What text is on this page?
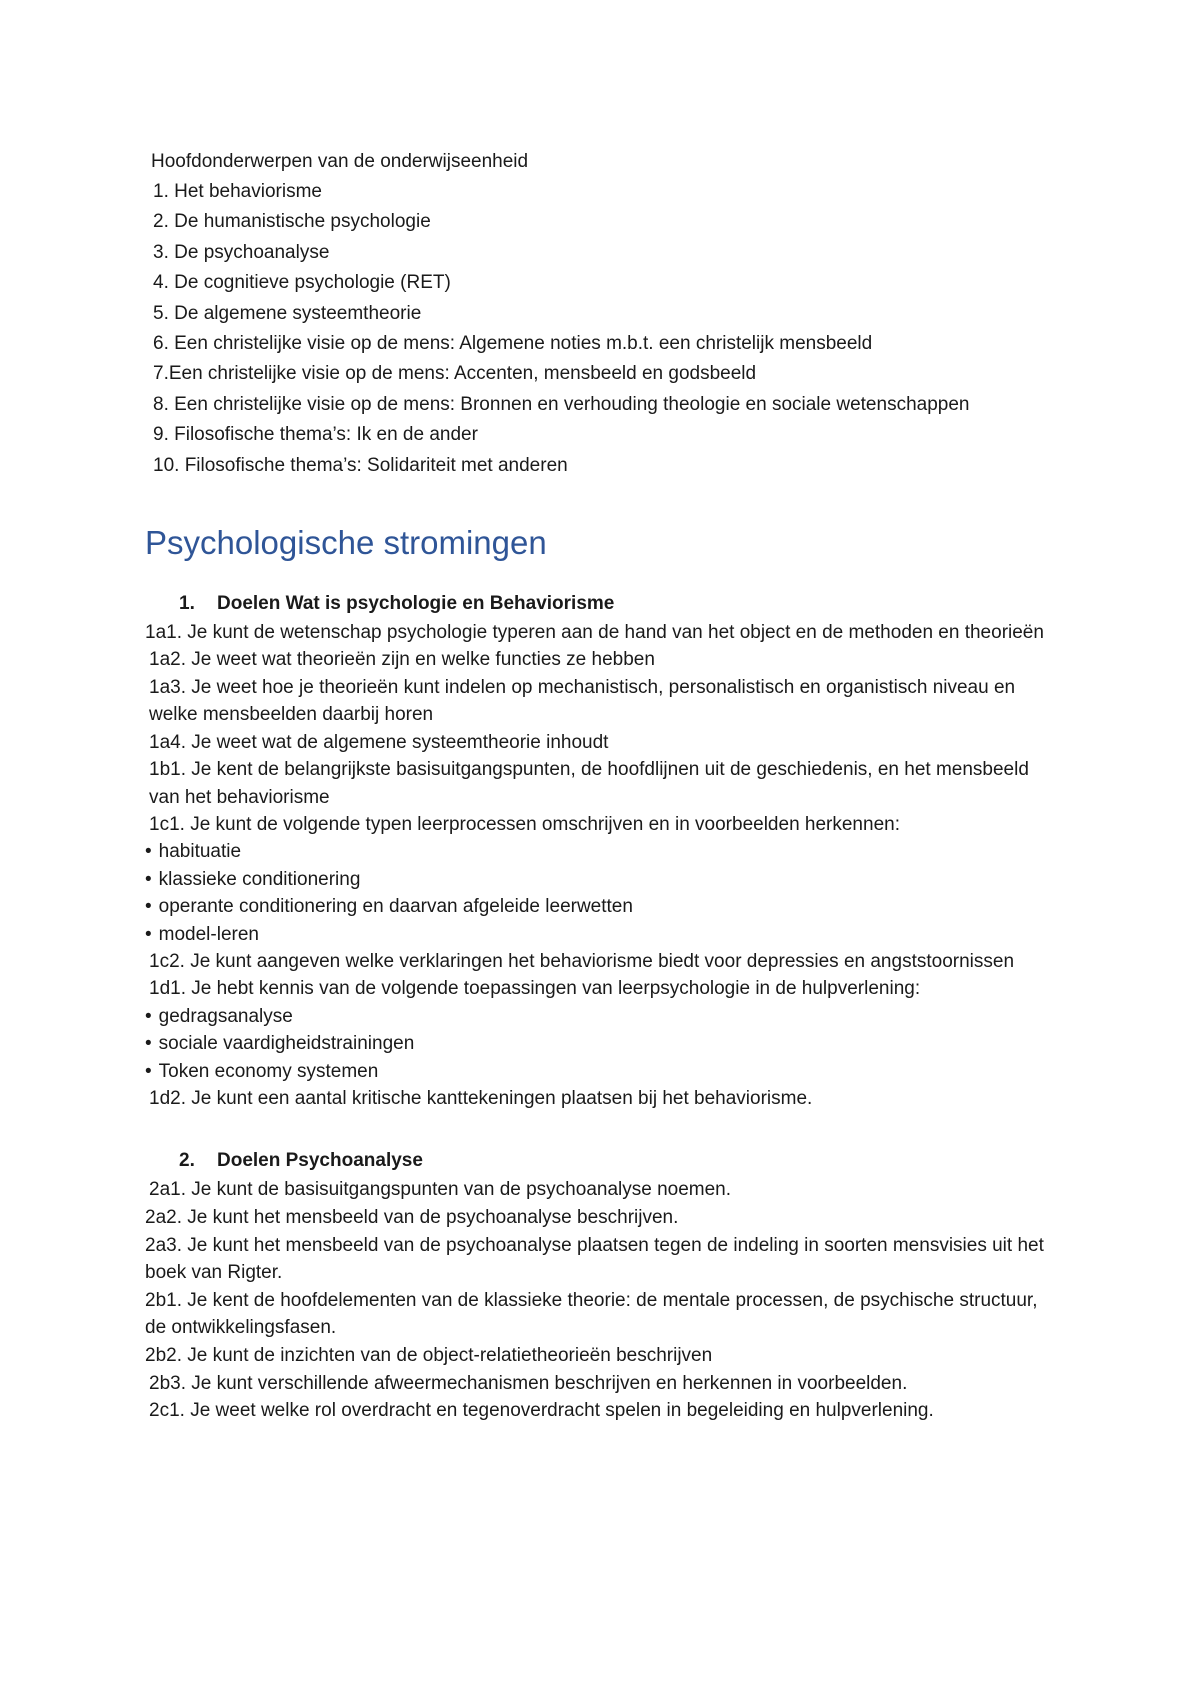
Hoofdonderwerpen van de onderwijseenheid
1. Het behaviorisme
2. De humanistische psychologie
3. De psychoanalyse
4. De cognitieve psychologie (RET)
5. De algemene systeemtheorie
6. Een christelijke visie op de mens: Algemene noties m.b.t. een christelijk mensbeeld
7.Een christelijke visie op de mens: Accenten, mensbeeld en godsbeeld
8. Een christelijke visie op de mens: Bronnen en verhouding theologie en sociale wetenschappen
9. Filosofische thema’s: Ik en de ander
10. Filosofische thema’s: Solidariteit met anderen
Psychologische stromingen
1. Doelen Wat is psychologie en Behaviorisme
1a1. Je kunt de wetenschap psychologie typeren aan de hand van het object en de methoden en theorieën
1a2. Je weet wat theorieën zijn en welke functies ze hebben
1a3. Je weet hoe je theorieën kunt indelen op mechanistisch, personalistisch en organistisch niveau en welke mensbeelden daarbij horen
1a4. Je weet wat de algemene systeemtheorie inhoudt
1b1. Je kent de belangrijkste basisuitgangspunten, de hoofdlijnen uit de geschiedenis, en het mensbeeld van het behaviorisme
1c1. Je kunt de volgende typen leerprocessen omschrijven en in voorbeelden herkennen:
• habituatie
• klassieke conditionering
• operante conditionering en daarvan afgeleide leerwetten
• model-leren
1c2. Je kunt aangeven welke verklaringen het behaviorisme biedt voor depressies en angststoornissen
1d1. Je hebt kennis van de volgende toepassingen van leerpsychologie in de hulpverlening:
• gedragsanalyse
• sociale vaardigheidstrainingen
• Token economy systemen
1d2. Je kunt een aantal kritische kanttekeningen plaatsen bij het behaviorisme.
2. Doelen Psychoanalyse
2a1. Je kunt de basisuitgangspunten van de psychoanalyse noemen.
2a2. Je kunt het mensbeeld van de psychoanalyse beschrijven.
2a3. Je kunt het mensbeeld van de psychoanalyse plaatsen tegen de indeling in soorten mensvisies uit het boek van Rigter.
2b1. Je kent de hoofdelementen van de klassieke theorie: de mentale processen, de psychische structuur, de ontwikkelingsfasen.
2b2. Je kunt de inzichten van de object-relatietheorieën beschrijven
2b3. Je kunt verschillende afweermechanismen beschrijven en herkennen in voorbeelden.
2c1. Je weet welke rol overdracht en tegenoverdracht spelen in begeleiding en hulpverlening.
